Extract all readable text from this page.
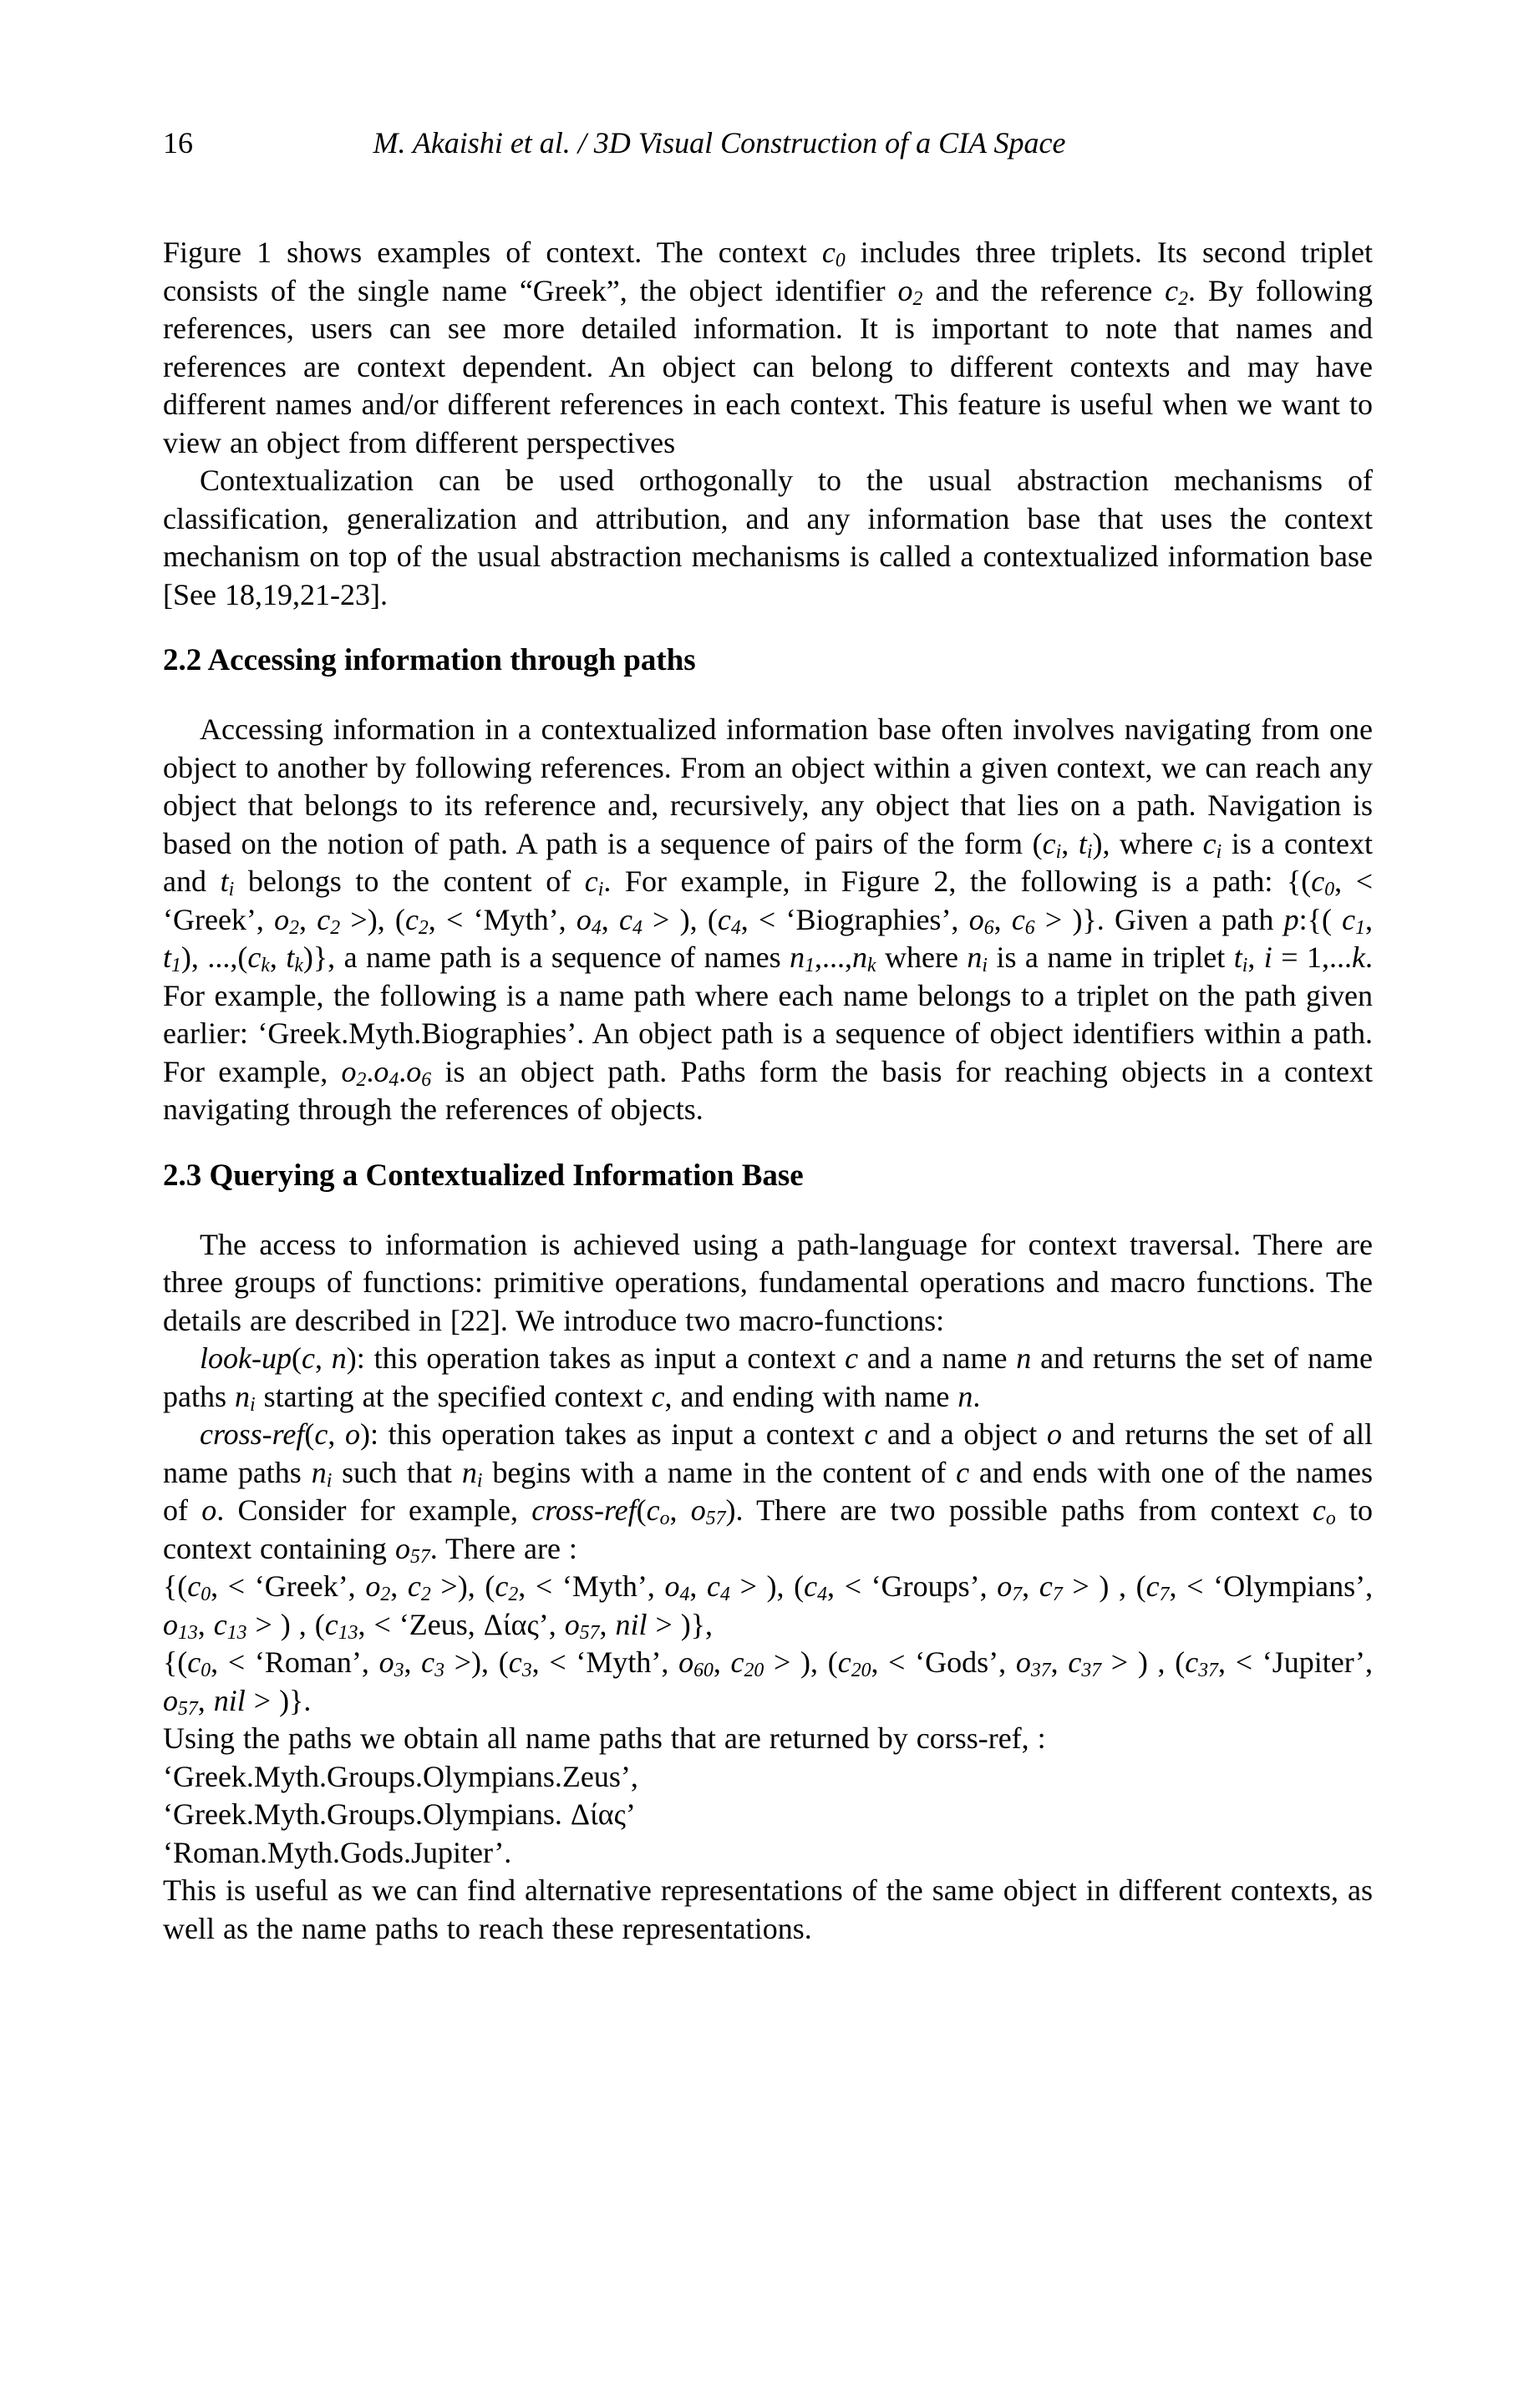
16	M. Akaishi et al. / 3D Visual Construction of a CIA Space

Figure 1 shows examples of context. The context $c_0$ includes three triplets. Its second triplet consists of the single name “Greek”, the object identifier $o_2$ and the reference $c_2$. By following references, users can see more detailed information. It is important to note that names and references are context dependent. An object can belong to different contexts and may have different names and/or different references in each context. This feature is useful when we want to view an object from different perspectives

Contextualization can be used orthogonally to the usual abstraction mechanisms of classification, generalization and attribution, and any information base that uses the context mechanism on top of the usual abstraction mechanisms is called a contextualized information base [See 18,19,21-23].

2.2 Accessing information through paths

Accessing information in a contextualized information base often involves navigating from one object to another by following references. From an object within a given context, we can reach any object that belongs to its reference and, recursively, any object that lies on a path. Navigation is based on the notion of path. A path is a sequence of pairs of the form ($c_i$, $t_i$), where $c_i$ is a context and $t_i$ belongs to the content of $c_i$. For example, in Figure 2, the following is a path: {($c_0$, < ‘Greek’, $o_2$, $c_2$ >), ($c_2$, < ‘Myth’, $o_4$, $c_4$ > ), ($c_4$, < ‘Biographies’, $o_6$, $c_6$ > )}. Given a path p:{( $c_1$, $t_1$), $...,(c_k$, $t_k$)}, a name path is a sequence of names $n_1,...,n_k$ where $n_i$ is a name in triplet $t_i$, i = 1,...k. For example, the following is a name path where each name belongs to a triplet on the path given earlier: ‘Greek.Myth.Biographies’. An object path is a sequence of object identifiers within a path. For example, $o_2.o_4.o_6$ is an object path. Paths form the basis for reaching objects in a context navigating through the references of objects.

2.3 Querying a Contextualized Information Base

The access to information is achieved using a path-language for context traversal. There are three groups of functions: primitive operations, fundamental operations and macro functions. The details are described in [22]. We introduce two macro-functions:

look-up(c, n): this operation takes as input a context c and a name n and returns the set of name paths $n_i$ starting at the specified context c, and ending with name n.

cross-ref(c, o): this operation takes as input a context c and a object o and returns the set of all name paths $n_i$ such that $n_i$ begins with a name in the content of c and ends with one of the names of o. Consider for example, cross-$ref(c_o$, $o_{57}$). There are two possible paths from context $c_o$ to context containing $o_{57}$. There are :

{($c_0$, < ‘Greek’, $o_2$, $c_2$ >), ($c_2$, < ‘Myth’, $o_4$, $c_4$ > ), ($c_4$, < ‘Groups’, $o_7$, $c_7$ > ) , ($c_7$, < ‘Olympians’, $o_{13}$, $c_{13}$ > ) , ($c_{13}$, < ‘Zeus, Δίας’, $o_{57}$, nil > )},

{($c_0$, < ‘Roman’, $o_3$, $c_3$ >), ($c_3$, < ‘Myth’, $o_{60}$, $c_{20}$ > ), ($c_{20}$, < ‘Gods’, $o_{37}$, $c_{37}$ > ) , ($c_{37}$, < ‘Jupiter’, $o_{57}$, nil > )}.

Using the paths we obtain all name paths that are returned by corss-ref, :

‘Greek.Myth.Groups.Olympians.Zeus’,

‘Greek.Myth.Groups.Olympians. Δίας’

‘Roman.Myth.Gods.Jupiter’.

This is useful as we can find alternative representations of the same object in different contexts, as well as the name paths to reach these representations.
